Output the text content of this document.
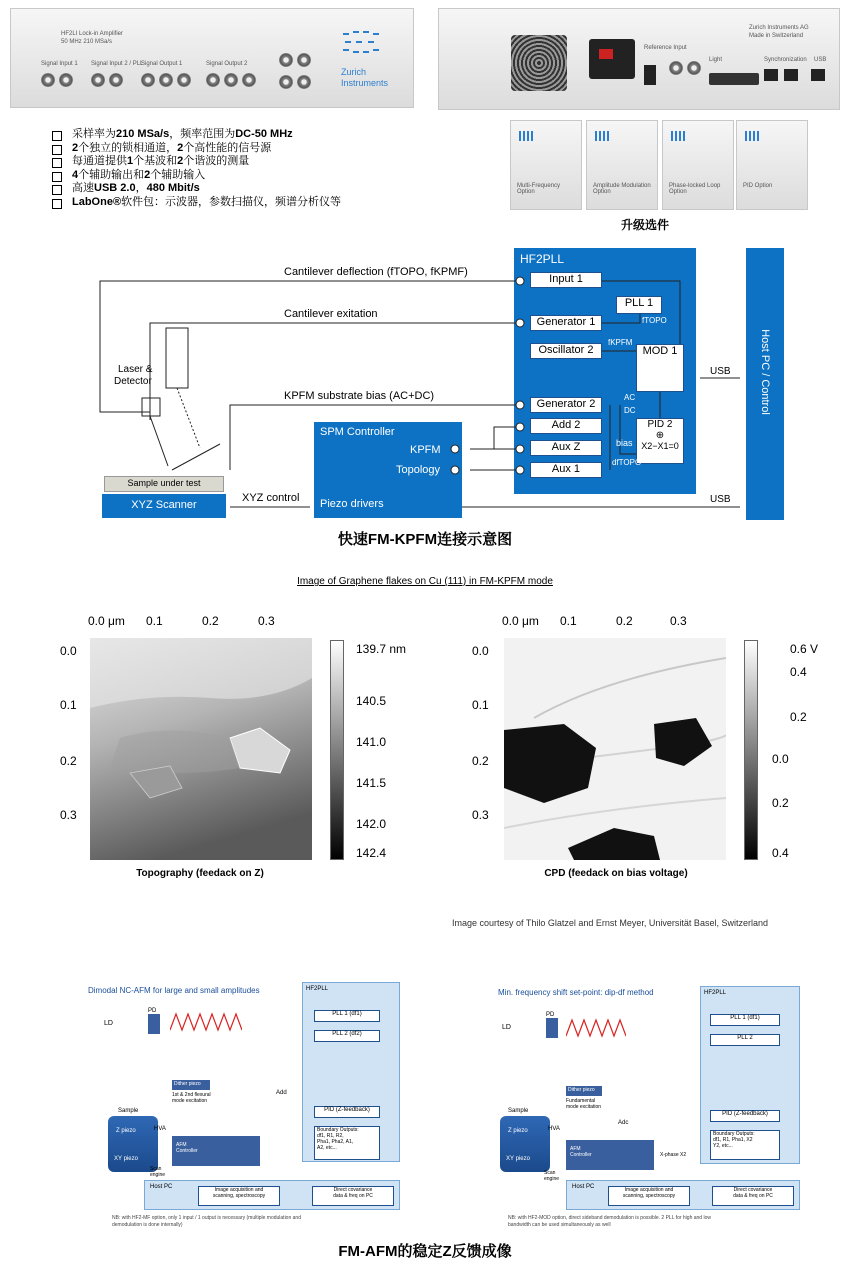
HF2LI Lock-in Amplifier
50 MHz 210 MSa/s
Signal Input 1 Signal Input 2 / PLL
Signal Output 1	Signal Output 2
Zurich
Instruments
Reference Input
Light	Synchronization USB
Zurich Instruments AG
Made in Switzerland
采样率为210 MSa/s，频率范围为DC-50 MHz
2个独立的锁相通道，2个高性能的信号源
每通道提供1个基波和2个谐波的测量
4个辅助输出和2个辅助输入
高速USB 2.0，480 Mbit/s
LabOne®软件包：示波器，参数扫描仪，频谱分析仪等
Multi-Frequency Option
Amplitude Modulation Option
Phase-locked Loop Option
PID Option
升级选件
HF2PLL
Host PC / Control
SPM Controller
KPFM
Topology
Piezo drivers
XYZ Scanner
Sample under test
Input 1
Generator 1
Oscillator 2
Generator 2
Add 2
Aux Z
Aux 1
PLL 1
MOD 1
PID 2
⊕
X2−X1=0
Cantilever deflection (fTOPO, fKPMF)
Cantilever exitation
KPFM substrate bias (AC+DC)
Laser &
Detector
XYZ control
USB
USB
fTOPO
fKPFM
AC
DC
bias
dfTOPO
快速FM-KPFM连接示意图
Image of Graphene flakes on Cu (111) in FM-KPFM mode
0.0 μm 0.1	0.2	0.3
0.0
0.1
0.2
0.3
139.7 nm
140.5
141.0
141.5
142.0
142.4
Topography (feedack on Z)
0.0 μm 0.1	0.2	0.3
0.0
0.1
0.2
0.3
0.6 V
0.4
0.2
0.0
0.2
0.4
CPD (feedack on bias voltage)
Image courtesy of Thilo Glatzel and Ernst Meyer, Universität Basel, Switzerland
Dimodal NC-AFM for large and small amplitudes	HF2PLL
PLL 1 (df1)
PLL 2 (df2)
PID (Z-feedback)
Boundary Outputs:
df1, R1, R2,
Pha1, Pha2, A1,
A2, etc...
LD
PD
Dither piezo
1st & 2nd flexural
mode excitation
Add
Sample
Z piezo
XY piezo
HVA
AFM
Controller
Scan
engine
Host PC	Image acquisition and
scanning, spectroscopy
Direct covariance
data & freq on PC
NB: with HF2-MF option, only 1 input / 1 output is necessary (multiple modulation and
demodulation is done internally)
Min. frequency shift set-point: dip-df method	HF2PLL
PLL 1 (df1)
PLL 2
PID (Z-feedback)
Boundary Outputs:
df1, R1, Pha1, X2
Y2, etc...
LD
PD
Dither piezo
Fundamental
mode excitation
Adc
Sample
Z piezo
XY piezo
HVA
AFM
Controller	X-phase X2
Scan
engine
Host PC	Image acquisition and
scanning, spectroscopy
Direct covariance
data & freq on PC
NB: with HF2-MOD option, direct sideband demodulation is possible. 2 PLL for high and low
bandwidth can be used simultaneously as well
FM-AFM的稳定Z反馈成像
